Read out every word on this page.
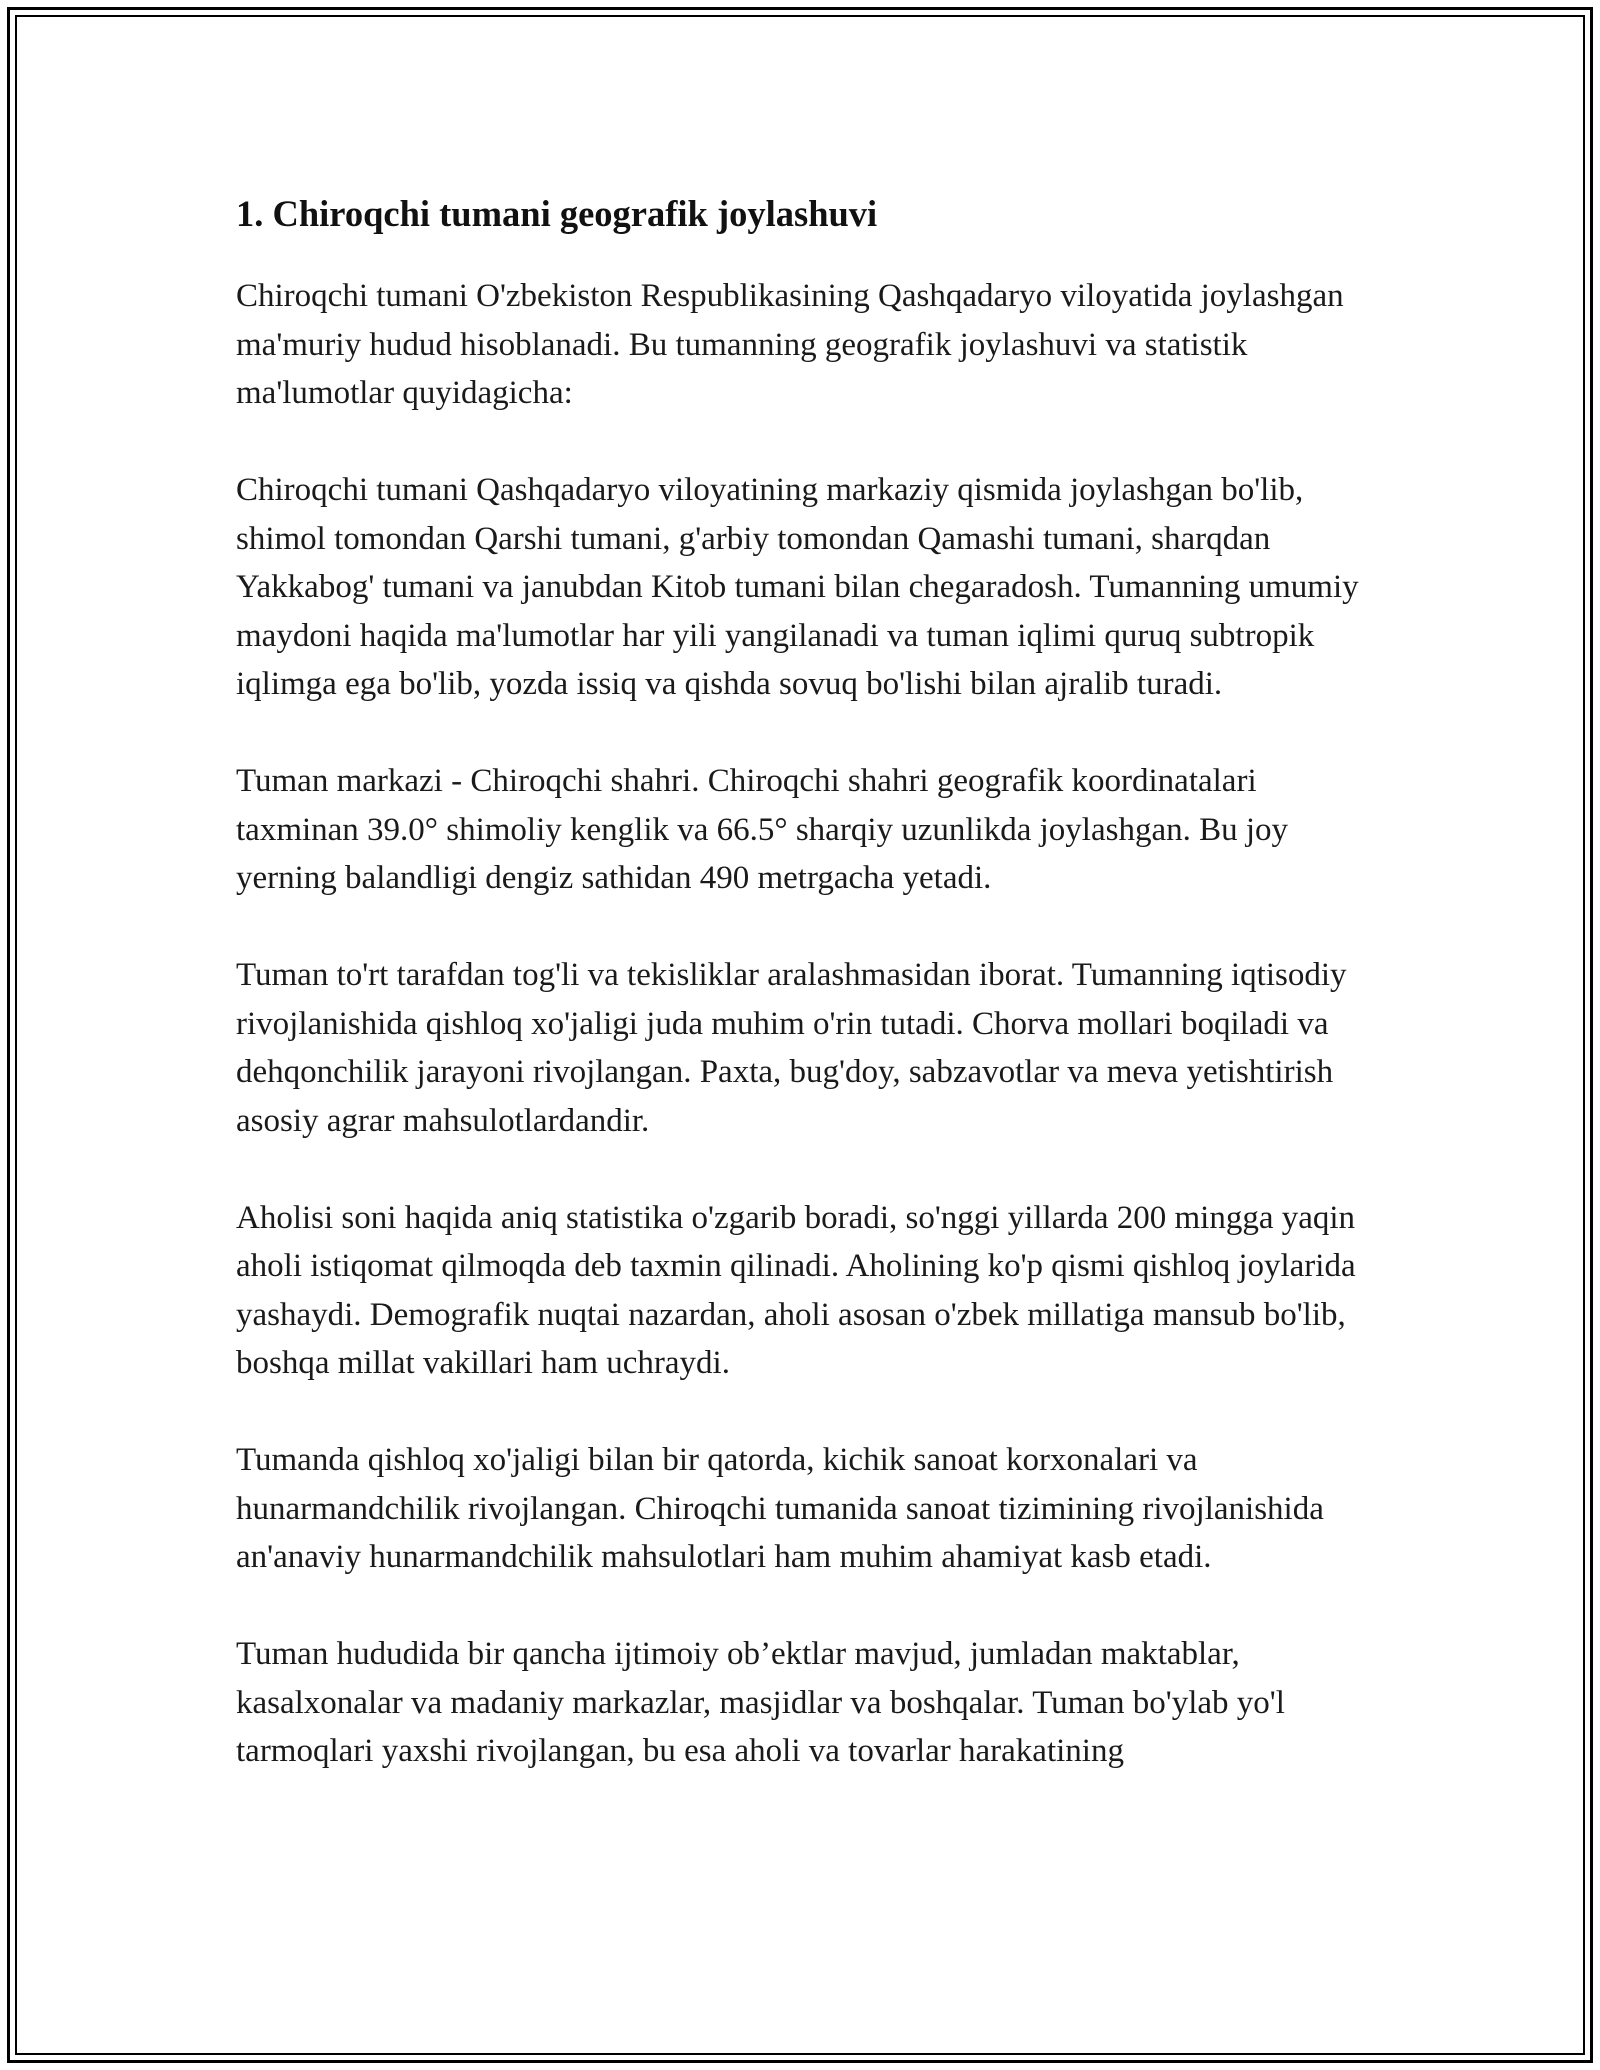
1. Chiroqchi tumani geografik joylashuvi

Chiroqchi tumani O'zbekiston Respublikasining Qashqadaryo viloyatida joylashgan ma'muriy hudud hisoblanadi. Bu tumanning geografik joylashuvi va statistik ma'lumotlar quyidagicha:

Chiroqchi tumani Qashqadaryo viloyatining markaziy qismida joylashgan bo'lib, shimol tomondan Qarshi tumani, g'arbiy tomondan Qamashi tumani, sharqdan Yakkabog' tumani va janubdan Kitob tumani bilan chegaradosh. Tumanning umumiy maydoni haqida ma'lumotlar har yili yangilanadi va tuman iqlimi quruq subtropik iqlimga ega bo'lib, yozda issiq va qishda sovuq bo'lishi bilan ajralib turadi.

Tuman markazi - Chiroqchi shahri. Chiroqchi shahri geografik koordinatalari taxminan 39.0° shimoliy kenglik va 66.5° sharqiy uzunlikda joylashgan. Bu joy yerning balandligi dengiz sathidan 490 metrgacha yetadi.

Tuman to'rt tarafdan tog'li va tekisliklar aralashmasidan iborat. Tumanning iqtisodiy rivojlanishida qishloq xo'jaligi juda muhim o'rin tutadi. Chorva mollari boqiladi va dehqonchilik jarayoni rivojlangan. Paxta, bug'doy, sabzavotlar va meva yetishtirish asosiy agrar mahsulotlardandir.

Aholisi soni haqida aniq statistika o'zgarib boradi, so'nggi yillarda 200 mingga yaqin aholi istiqomat qilmoqda deb taxmin qilinadi. Aholining ko'p qismi qishloq joylarida yashaydi. Demografik nuqtai nazardan, aholi asosan o'zbek millatiga mansub bo'lib, boshqa millat vakillari ham uchraydi.

Tumanda qishloq xo'jaligi bilan bir qatorda, kichik sanoat korxonalari va hunarmandchilik rivojlangan. Chiroqchi tumanida sanoat tizimining rivojlanishida an'anaviy hunarmandchilik mahsulotlari ham muhim ahamiyat kasb etadi.

Tuman hududida bir qancha ijtimoiy ob’ektlar mavjud, jumladan maktablar, kasalxonalar va madaniy markazlar, masjidlar va boshqalar. Tuman bo'ylab yo'l tarmoqlari yaxshi rivojlangan, bu esa aholi va tovarlar harakatining
